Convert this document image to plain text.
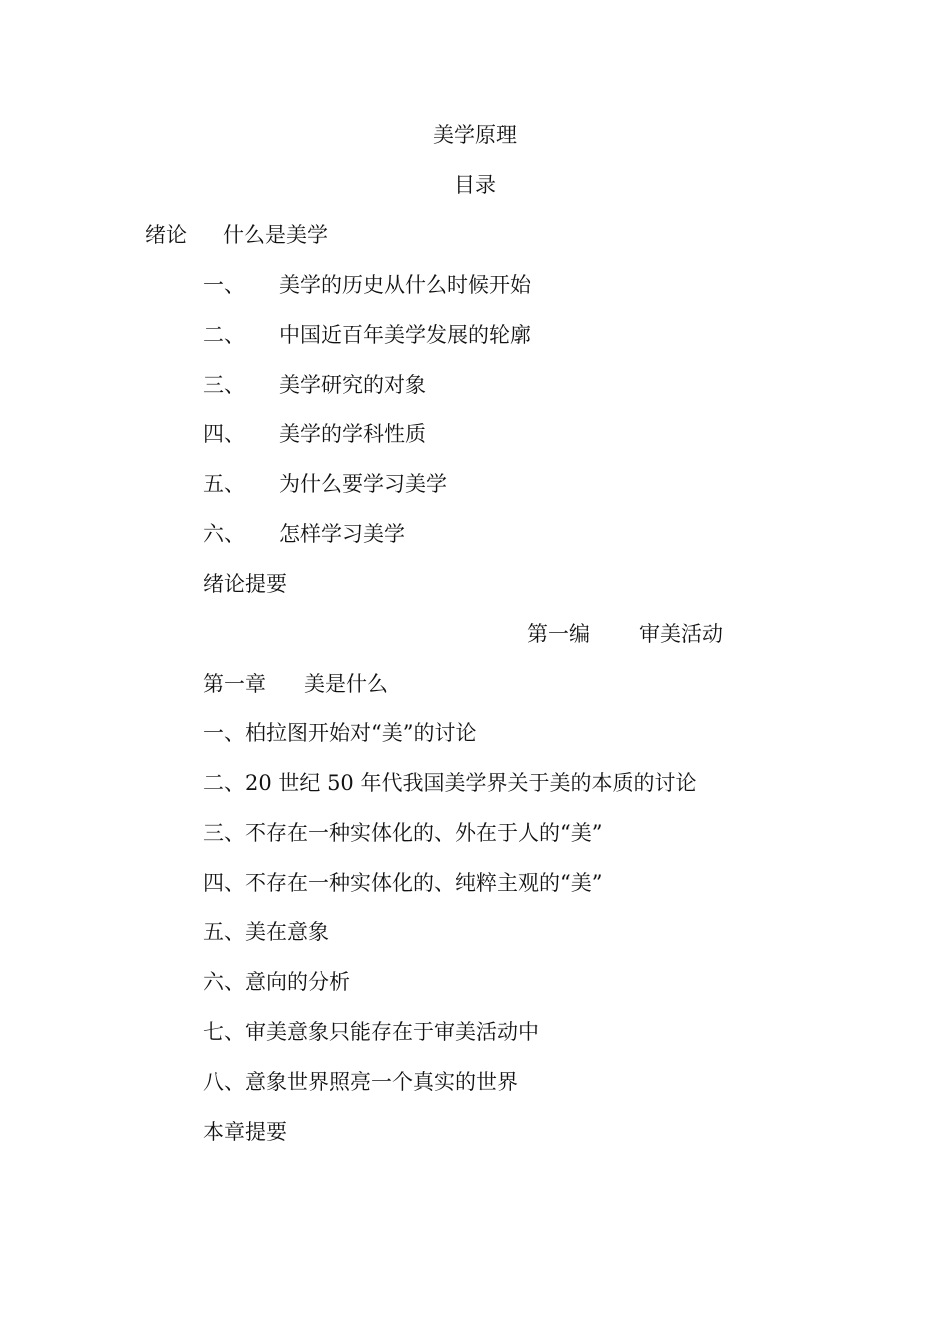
美学原理
目录
绪论 什么是美学
一、 美学的历史从什么时候开始
二、 中国近百年美学发展的轮廓
三、 美学研究的对象
四、 美学的学科性质
五、 为什么要学习美学
六、 怎样学习美学
绪论提要
第一编 审美活动
第一章 美是什么
一、柏拉图开始对“美”的讨论
二、20 世纪 50 年代我国美学界关于美的本质的讨论
三、不存在一种实体化的、外在于人的“美”
四、不存在一种实体化的、纯粹主观的“美”
五、美在意象
六、意向的分析
七、审美意象只能存在于审美活动中
八、意象世界照亮一个真实的世界
本章提要
